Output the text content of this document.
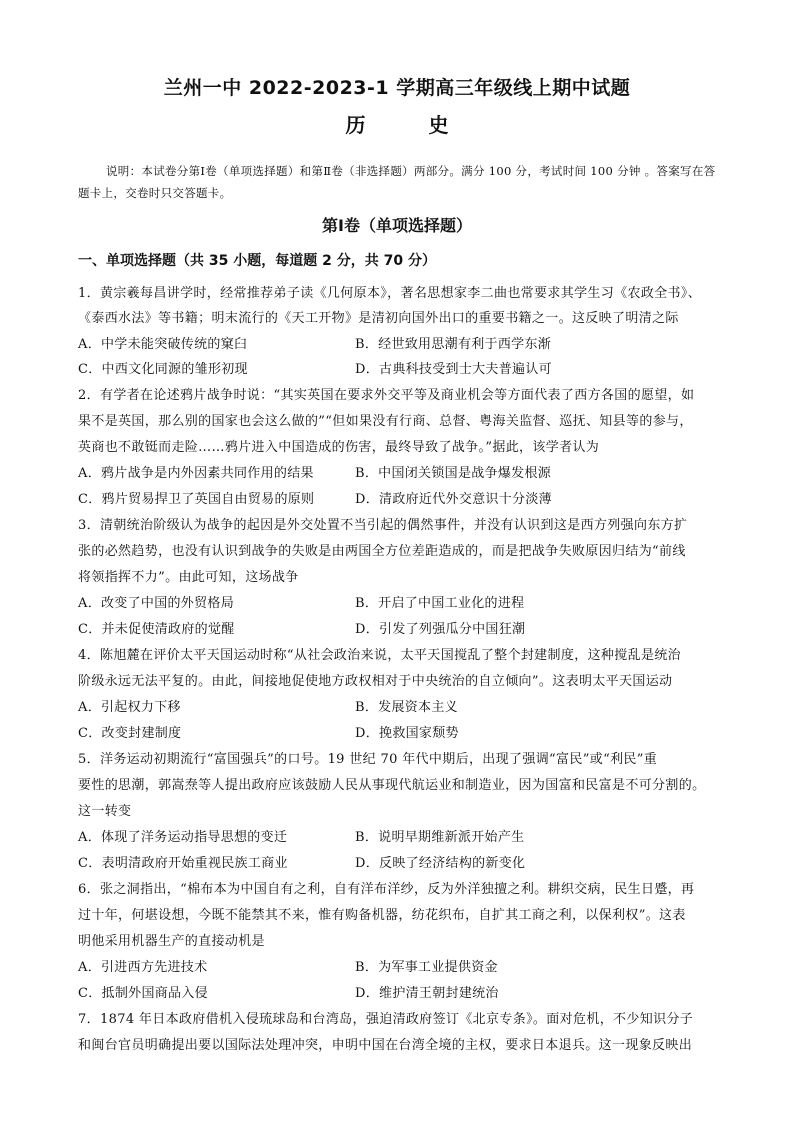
兰州一中 2022-2023-1 学期高三年级线上期中试题
历 史
说明：本试卷分第Ⅰ卷（单项选择题）和第Ⅱ卷（非选择题）两部分。满分 100 分，考试时间 100 分钟 。答案写在答题卡上，交卷时只交答题卡。
第Ⅰ卷（单项选择题）
一、单项选择题（共 35 小题，每道题 2 分，共 70 分）
1．黄宗羲每昌讲学时，经常推荐弟子读《几何原本》，著名思想家李二曲也常要求其学生习《农政全书》、
《泰西水法》等书籍；明末流行的《天工开物》是清初向国外出口的重要书籍之一。这反映了明清之际
A．中学未能突破传统的窠臼	B．经世致用思潮有利于西学东渐
C．中西文化同源的雏形初现	D．古典科技受到士大夫普遍认可
2．有学者在论述鸦片战争时说：“其实英国在要求外交平等及商业机会等方面代表了西方各国的愿望，如
果不是英国，那么别的国家也会这么做的”“但如果没有行商、总督、粤海关监督、巡抚、知县等的参与，
英商也不敢铤而走险……鸦片进入中国造成的伤害，最终导致了战争。”据此，该学者认为
A．鸦片战争是内外因素共同作用的结果	B．中国闭关锁国是战争爆发根源
C．鸦片贸易捍卫了英国自由贸易的原则	D．清政府近代外交意识十分淡薄
3．清朝统治阶级认为战争的起因是外交处置不当引起的偶然事件，并没有认识到这是西方列强向东方扩
张的必然趋势，也没有认识到战争的失败是由两国全方位差距造成的，而是把战争失败原因归结为“前线
将领指挥不力”。由此可知，这场战争
A．改变了中国的外贸格局	B．开启了中国工业化的进程
C．并未促使清政府的觉醒	D．引发了列强瓜分中国狂潮
4．陈旭麓在评价太平天国运动时称“从社会政治来说，太平天国搅乱了整个封建制度，这种搅乱是统治
阶级永远无法平复的。由此，间接地促使地方政权相对于中央统治的自立倾向”。这表明太平天国运动
A．引起权力下移	B．发展资本主义
C．改变封建制度	D．挽救国家颓势
5．洋务运动初期流行“富国强兵”的口号。19 世纪 70 年代中期后，出现了强调“富民”或“利民”重
要性的思潮，郭嵩焘等人提出政府应该鼓励人民从事现代航运业和制造业，因为国富和民富是不可分割的。
这一转变
A．体现了洋务运动指导思想的变迁	B．说明早期维新派开始产生
C．表明清政府开始重视民族工商业	D．反映了经济结构的新变化
6．张之洞指出，“棉布本为中国自有之利，自有洋布洋纱，反为外洋独擅之利。耕织交病，民生日蹙，再
过十年，何堪设想，今既不能禁其不来，惟有购备机器，纺花织布，自扩其工商之利，以保利权”。这表
明他采用机器生产的直接动机是
A．引进西方先进技术	B．为军事工业提供资金
C．抵制外国商品入侵	D．维护清王朝封建统治
7．1874 年日本政府借机入侵琉球岛和台湾岛，强迫清政府签订《北京专条》。面对危机，不少知识分子
和闽台官员明确提出要以国际法处理冲突，申明中国在台湾全境的主权，要求日本退兵。这一现象反映出
